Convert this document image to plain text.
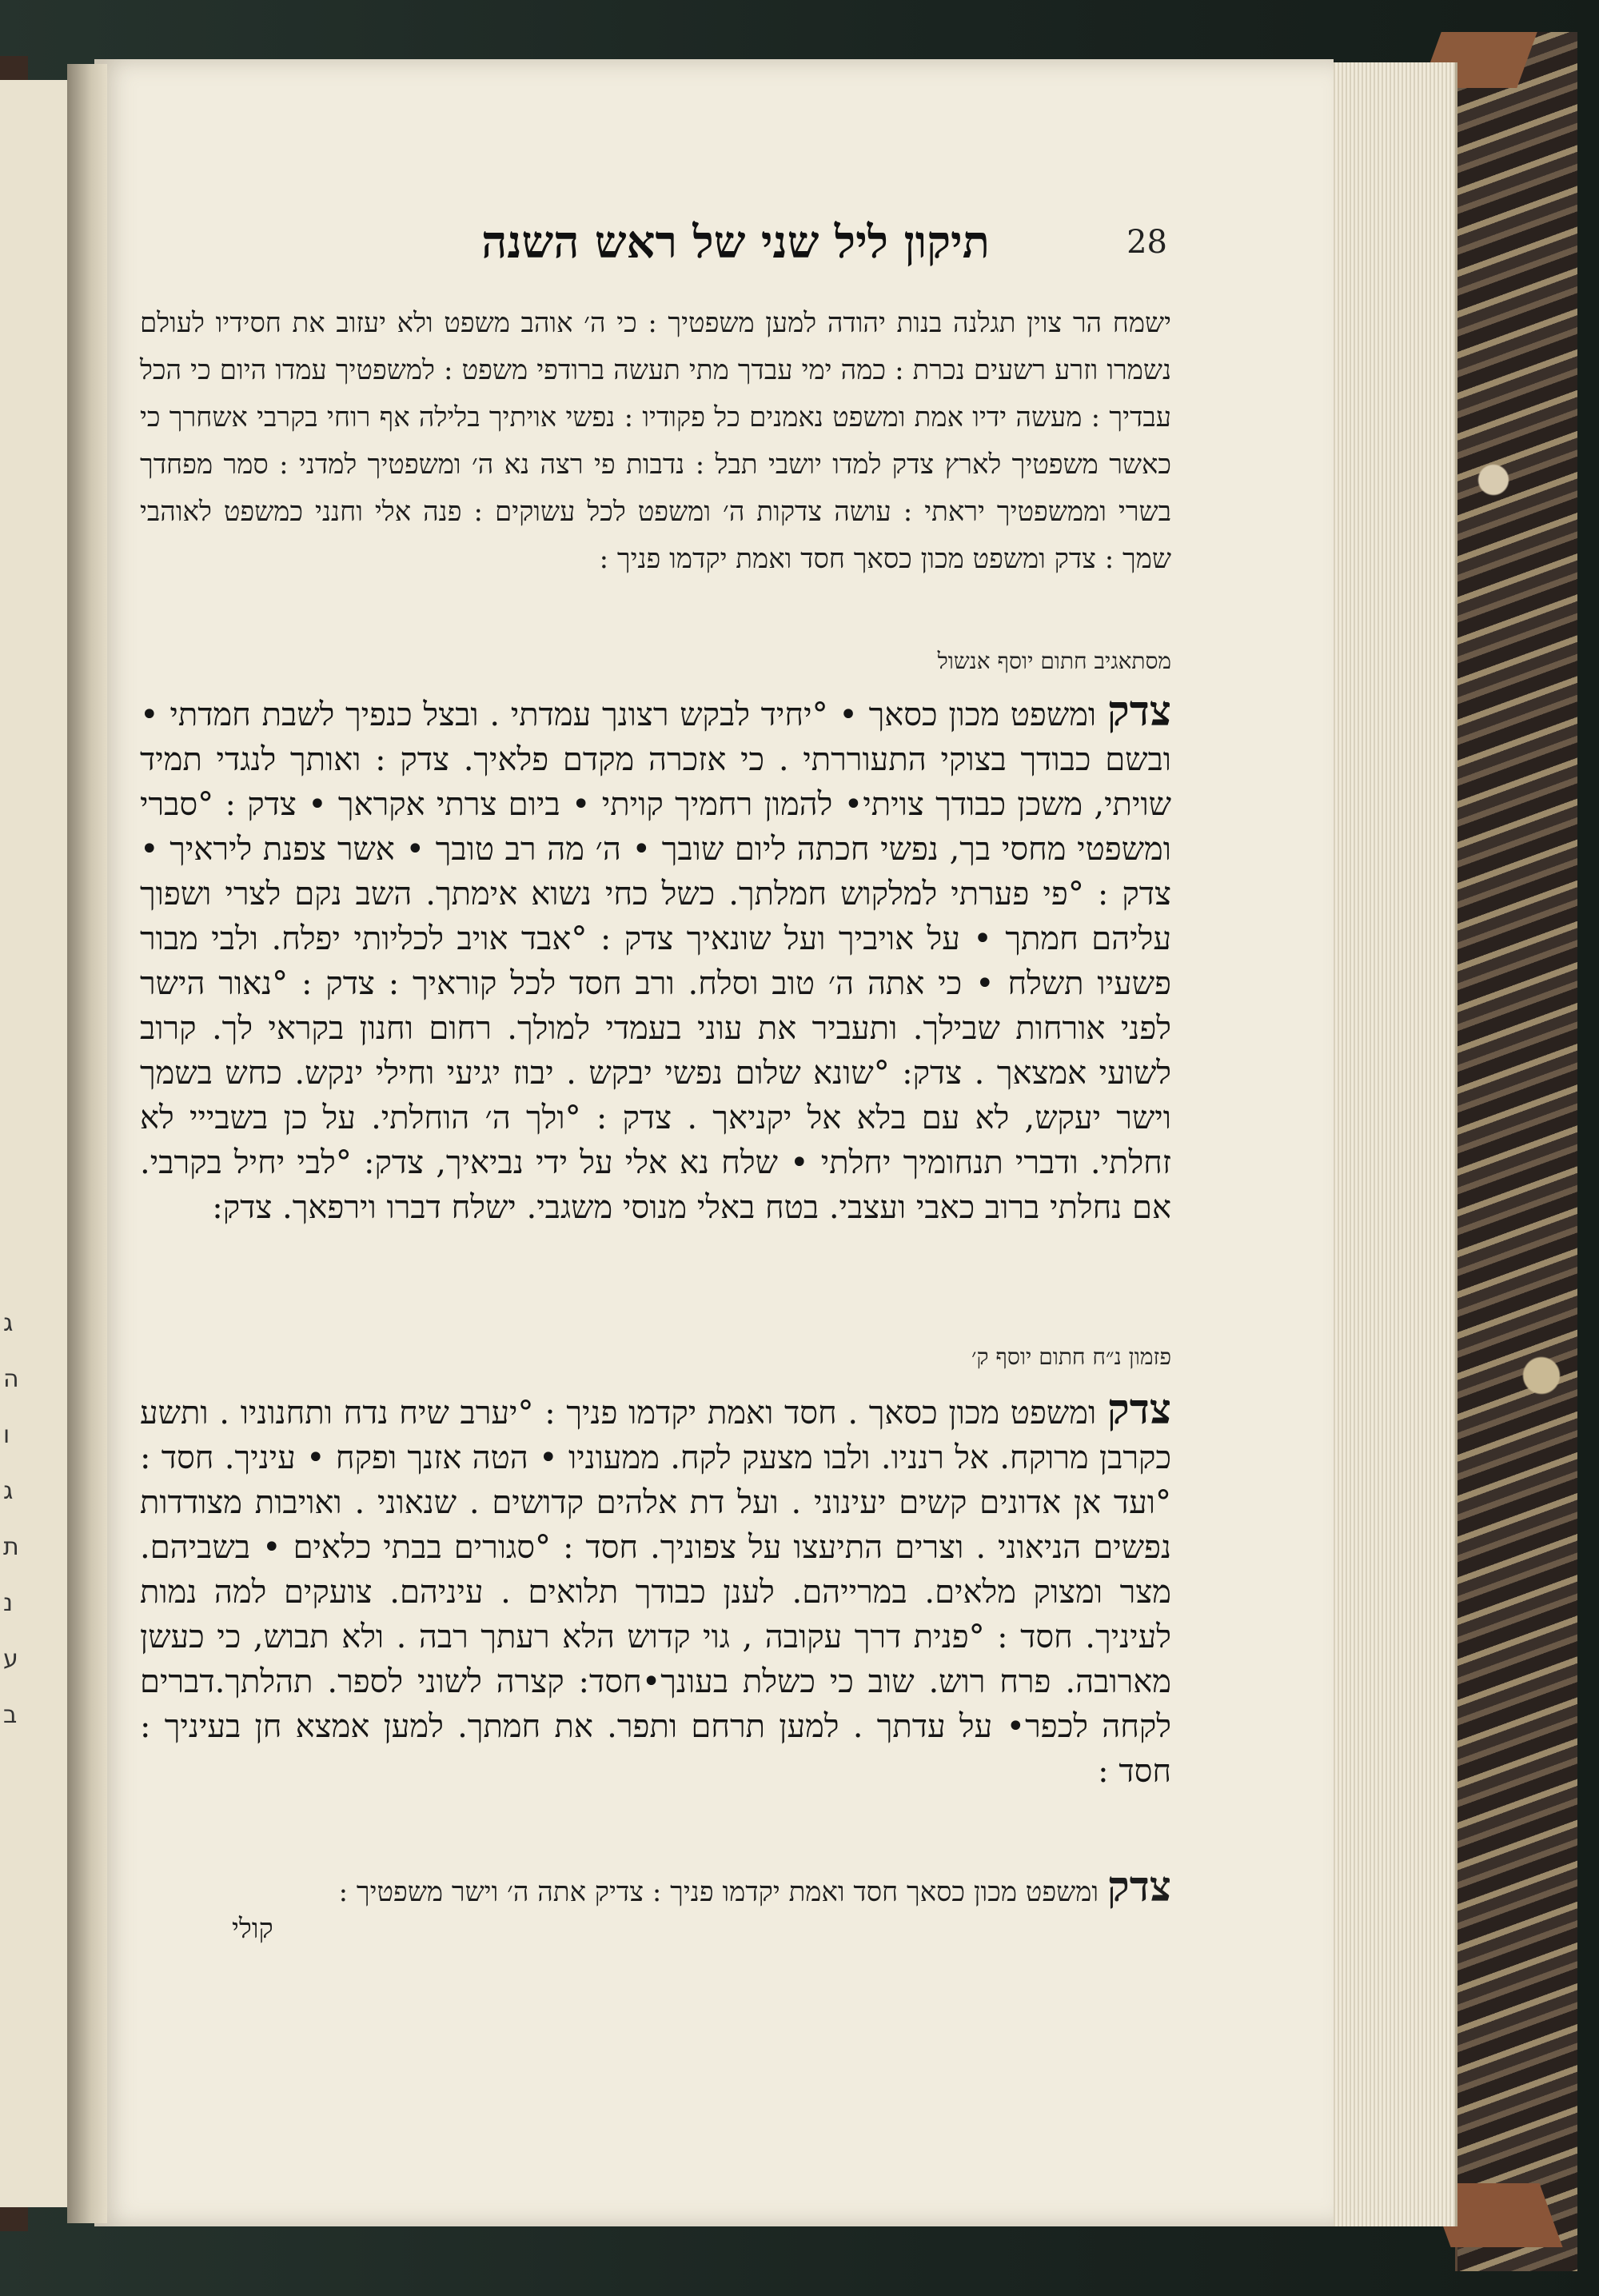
ג ה ו ג ת נ ע ב
תיקון ליל שני של ראש השנה	28
ישמח הר צוין תגלנה בנות יהודה למען משפטיך : כי ה׳ אוהב משפט ולא יעזוב את חסידיו לעולם נשמרו וזרע רשעים נכרת : כמה ימי עבדך מתי תעשה ברודפי משפט : למשפטיך עמדו היום כי הכל עבדיך : מעשה ידיו אמת ומשפט נאמנים כל פקודיו : נפשי אויתיך בלילה אף רוחי בקרבי אשחרך כי כאשר משפטיך לארץ צדק למדו יושבי תבל : נדבות פי רצה נא ה׳ ומשפטיך למדני : סמר מפחדך בשרי וממשפטיך יראתי : עושה צדקות ה׳ ומשפט לכל עשוקים : פנה אלי וחנני כמשפט לאוהבי שמך : צדק ומשפט מכון כסאך חסד ואמת יקדמו פניך :
מסתאגיב חתום יוסף אנשול
צדק ומשפט מכון כסאך • °יחיד לבקש רצונך עמדתי . ובצל כנפיך לשבת חמדתי • ובשם כבודך בצוקי התעוררתי . כי אזכרה מקדם פלאיך. צדק : ואותך לנגדי תמיד שויתי, משכן כבודך צויתי• להמון רחמיך קויתי • ביום צרתי אקראך • צדק : °סברי ומשפטי מחסי בך, נפשי חכתה ליום שובך • ה׳ מה רב טובך • אשר צפנת ליראיך • צדק : °פי פערתי למלקוש חמלתך. כשל כחי נשוא אימתך. השב נקם לצרי ושפוך עליהם חמתך • על אויביך ועל שונאיך צדק : °אבד אויב לכליותי יפלח. ולבי מבור פשעיו תשלח • כי אתה ה׳ טוב וסלח. ורב חסד לכל קוראיך : צדק : °נאור הישר לפני אורחות שבילך. ותעביר את עוני בעמדי למולך. רחום וחנון בקראי לך. קרוב לשועי אמצאך . צדק: °שונא שלום נפשי יבקש . יבוז יגיעי וחילי ינקש. כחש בשמך וישר יעקש, לא עם בלא אל יקניאך . צדק : °ולך ה׳ הוחלתי. על כן בשבייי לא זחלתי. ודברי תנחומיך יחלתי • שלח נא אלי על ידי נביאיך, צדק: °לבי יחיל בקרבי. אם נחלתי ברוב כאבי ועצבי. בטח באלי מנוסי משגבי. ישלח דברו וירפאך. צדק:
פזמון נ״ח חתום יוסף ק׳
צדק ומשפט מכון כסאך . חסד ואמת יקדמו פניך : °יערב שיח נדח ותחנוניו . ותשע כקרבן מרוקח. אל רנניו. ולבו מצעק לקח. ממעוניו • הטה אזנך ופקח • עיניך. חסד : °ועד אן אדונים קשים יעינוני . ועל דת אלהים קדושים . שנאוני . ואויבות מצודדות נפשים הניאוני . וצרים התיעצו על צפוניך. חסד : °סגורים בבתי כלאים • בשביהם. מצר ומצוק מלאים. במרייהם. לענן כבודך תלואים . עיניהם. צועקים למה נמות לעיניך. חסד : °פנית דרך עקובה , גוי קדוש הלא רעתך רבה . ולא תבוש, כי כעשן מארובה. פרח רוש. שוב כי כשלת בעונך•חסד: קצרה לשוני לספר. תהלתך.דברים לקחה לכפר• על עדתך . למען תרחם ותפר. את חמתך. למען אמצא חן בעיניך : חסד :
צדק ומשפט מכון כסאך חסד ואמת יקדמו פניך : צדיק אתה ה׳ וישר משפטיך :
קולי
